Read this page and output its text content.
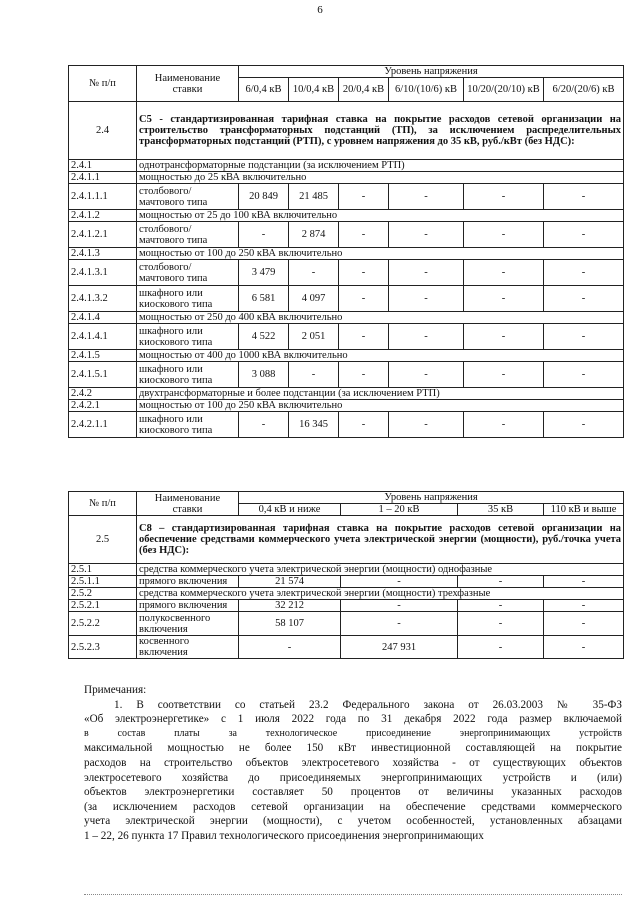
6
№ п/п	Наименование ставки	Уровень напряжения					
		6/0,4 кВ	10/0,4 кВ	20/0,4 кВ	6/10/(10/6) кВ	10/20/(20/10) кВ	6/20/(20/6) кВ
2.4	С5 - стандартизированная тарифная ставка на покрытие расходов сетевой организации на строительство трансформаторных подстанций (ТП), за исключением распределительных трансформаторных подстанций (РТП), с уровнем напряжения до 35 кВ, руб./кВт (без НДС):						
2.4.1	однотрансформаторные подстанции (за исключением РТП)						
2.4.1.1	мощностью до 25 кВА включительно						
2.4.1.1.1	столбового/ мачтового типа	20 849	21 485	-	-	-	-
2.4.1.2	мощностью от 25 до 100 кВА включительно						
2.4.1.2.1	столбового/ мачтового типа	-	2 874	-	-	-	-
2.4.1.3	мощностью от 100 до 250 кВА включительно						
2.4.1.3.1	столбового/ мачтового типа	3 479	-	-	-	-	-
2.4.1.3.2	шкафного или киоскового типа	6 581	4 097	-	-	-	-
2.4.1.4	мощностью от 250 до 400 кВА включительно						
2.4.1.4.1	шкафного или киоскового типа	4 522	2 051	-	-	-	-
2.4.1.5	мощностью от 400 до 1000 кВА включительно						
2.4.1.5.1	шкафного или киоскового типа	3 088	-	-	-	-	-
2.4.2	двухтрансформаторные и более подстанции (за исключением РТП)						
2.4.2.1	мощностью от 100 до 250 кВА включительно						
2.4.2.1.1	шкафного или киоскового типа	-	16 345	-	-	-	-
№ п/п	Наименование ставки	Уровень напряжения			
		0,4 кВ и ниже	1 – 20 кВ	35 кВ	110 кВ и выше
2.5	С8 – стандартизированная тарифная ставка на покрытие расходов сетевой организации на обеспечение средствами коммерческого учета электрической энергии (мощности), руб./точка учета (без НДС):				
2.5.1	средства коммерческого учета электрической энергии (мощности) однофазные				
2.5.1.1	прямого включения	21 574	-	-	-
2.5.2	средства коммерческого учета электрической энергии (мощности) трехфазные				
2.5.2.1	прямого включения	32 212	-	-	-
2.5.2.2	полукосвенного включения	58 107	-	-	-
2.5.2.3	косвенного включения	-	247 931	-	-

Примечания:

1. В соответствии со статьей 23.2 Федерального закона от 26.03.2003 № 35-ФЗ

«Об электроэнергетике» с 1 июля 2022 года по 31 декабря 2022 года размер включаемой

в состав платы за технологическое присоединение энергопринимающих устройств

максимальной мощностью не более 150 кВт инвестиционной составляющей на покрытие

расходов на строительство объектов электросетевого хозяйства - от существующих объектов

электросетевого хозяйства до присоединяемых энергопринимающих устройств и (или)

объектов электроэнергетики составляет 50 процентов от величины указанных расходов

(за исключением расходов сетевой организации на обеспечение средствами коммерческого

учета электрической энергии (мощности), с учетом особенностей, установленных абзацами

1 – 22, 26 пункта 17 Правил технологического присоединения энергопринимающих
